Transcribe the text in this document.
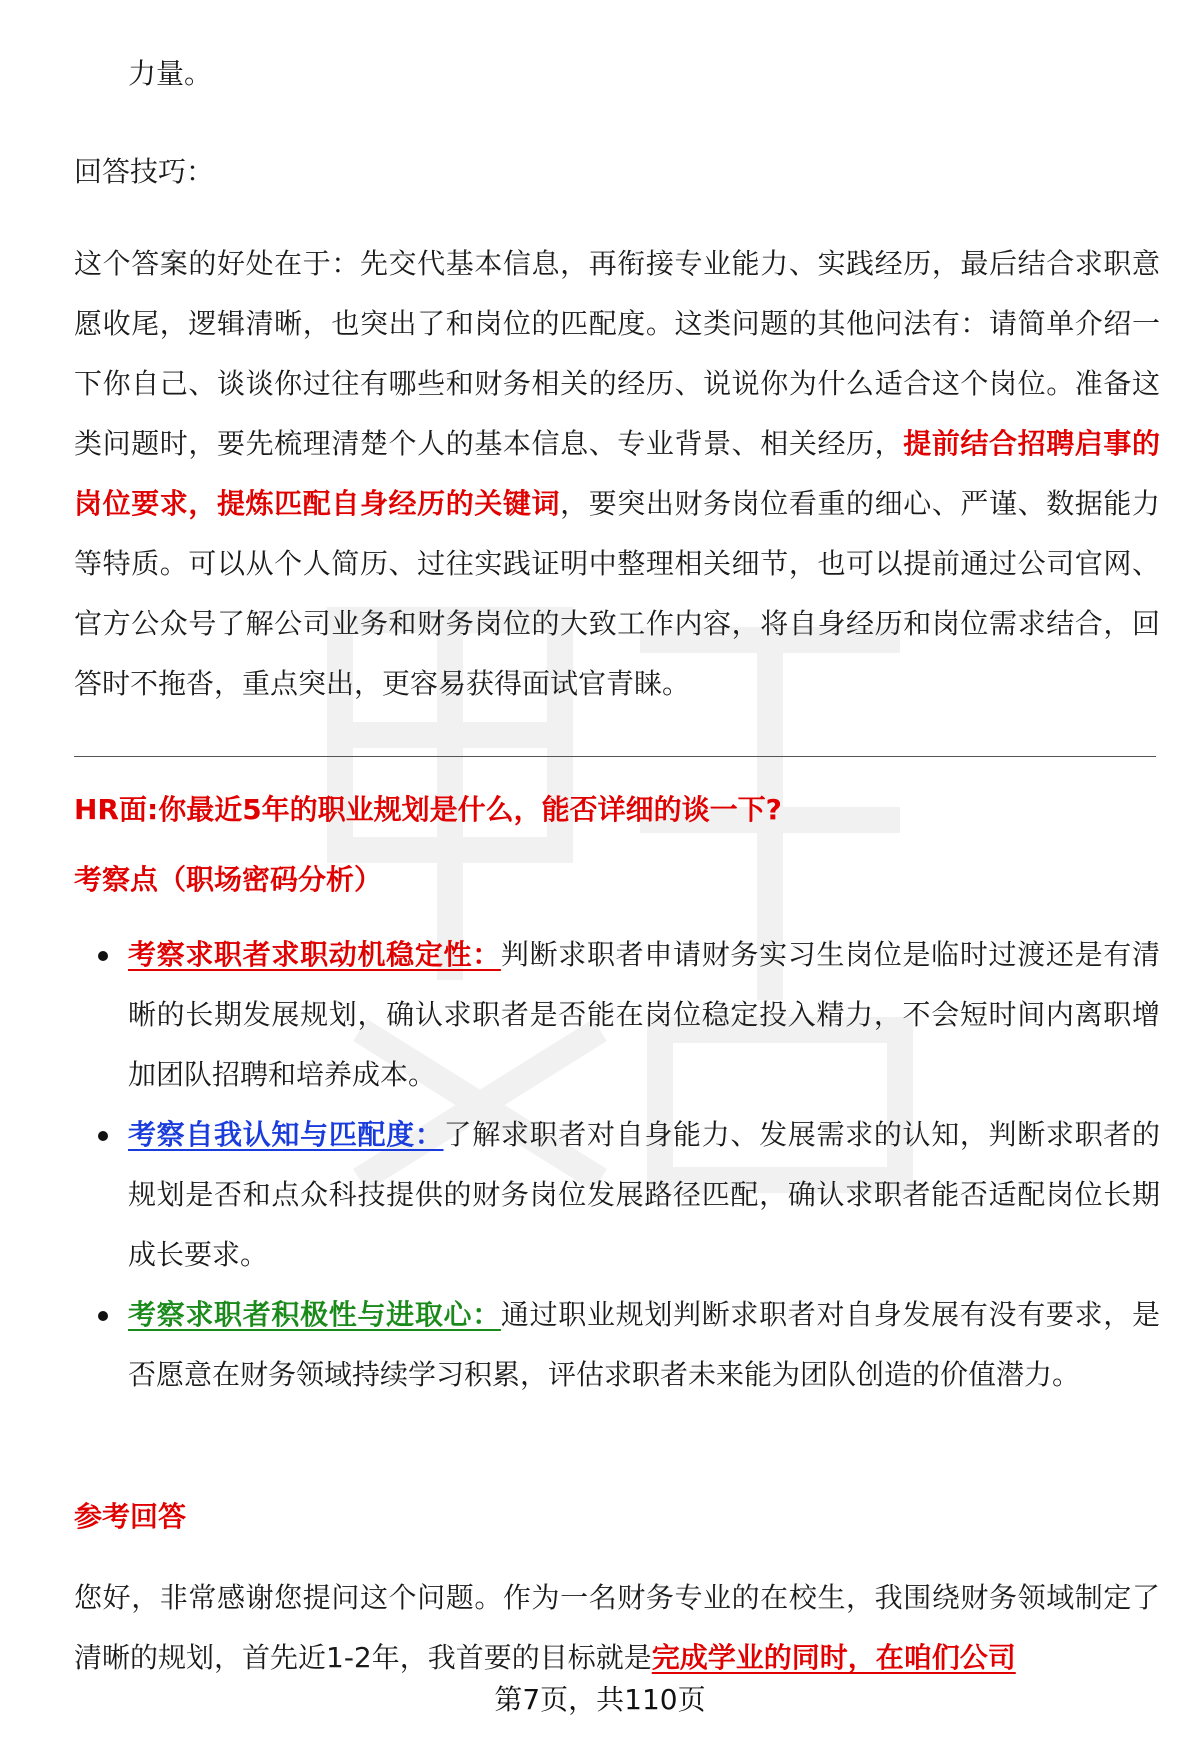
力量。

回答技巧：

这个答案的好处在于：先交代基本信息，再衔接专业能力、实践经历，最后结合求职意愿收尾，逻辑清晰，也突出了和岗位的匹配度。这类问题的其他问法有：请简单介绍一下你自己、谈谈你过往有哪些和财务相关的经历、说说你为什么适合这个岗位。准备这类问题时，要先梳理清楚个人的基本信息、专业背景、相关经历，提前结合招聘启事的岗位要求，提炼匹配自身经历的关键词，要突出财务岗位看重的细心、严谨、数据能力等特质。可以从个人简历、过往实践证明中整理相关细节，也可以提前通过公司官网、官方公众号了解公司业务和财务岗位的大致工作内容，将自身经历和岗位需求结合，回答时不拖沓，重点突出，更容易获得面试官青睐。

HR面:你最近5年的职业规划是什么，能否详细的谈一下?
考察点（职场密码分析）
考察求职者求职动机稳定性：判断求职者申请财务实习生岗位是临时过渡还是有清晰的长期发展规划，确认求职者是否能在岗位稳定投入精力，不会短时间内离职增加团队招聘和培养成本。
考察自我认知与匹配度：了解求职者对自身能力、发展需求的认知，判断求职者的规划是否和点众科技提供的财务岗位发展路径匹配，确认求职者能否适配岗位长期成长要求。
考察求职者积极性与进取心：通过职业规划判断求职者对自身发展有没有要求，是否愿意在财务领域持续学习积累，评估求职者未来能为团队创造的价值潜力。
参考回答

您好，非常感谢您提问这个问题。作为一名财务专业的在校生，我围绕财务领域制定了清晰的规划，首先近1-2年，我首要的目标就是完成学业的同时，在咱们公司

第7页，共110页
